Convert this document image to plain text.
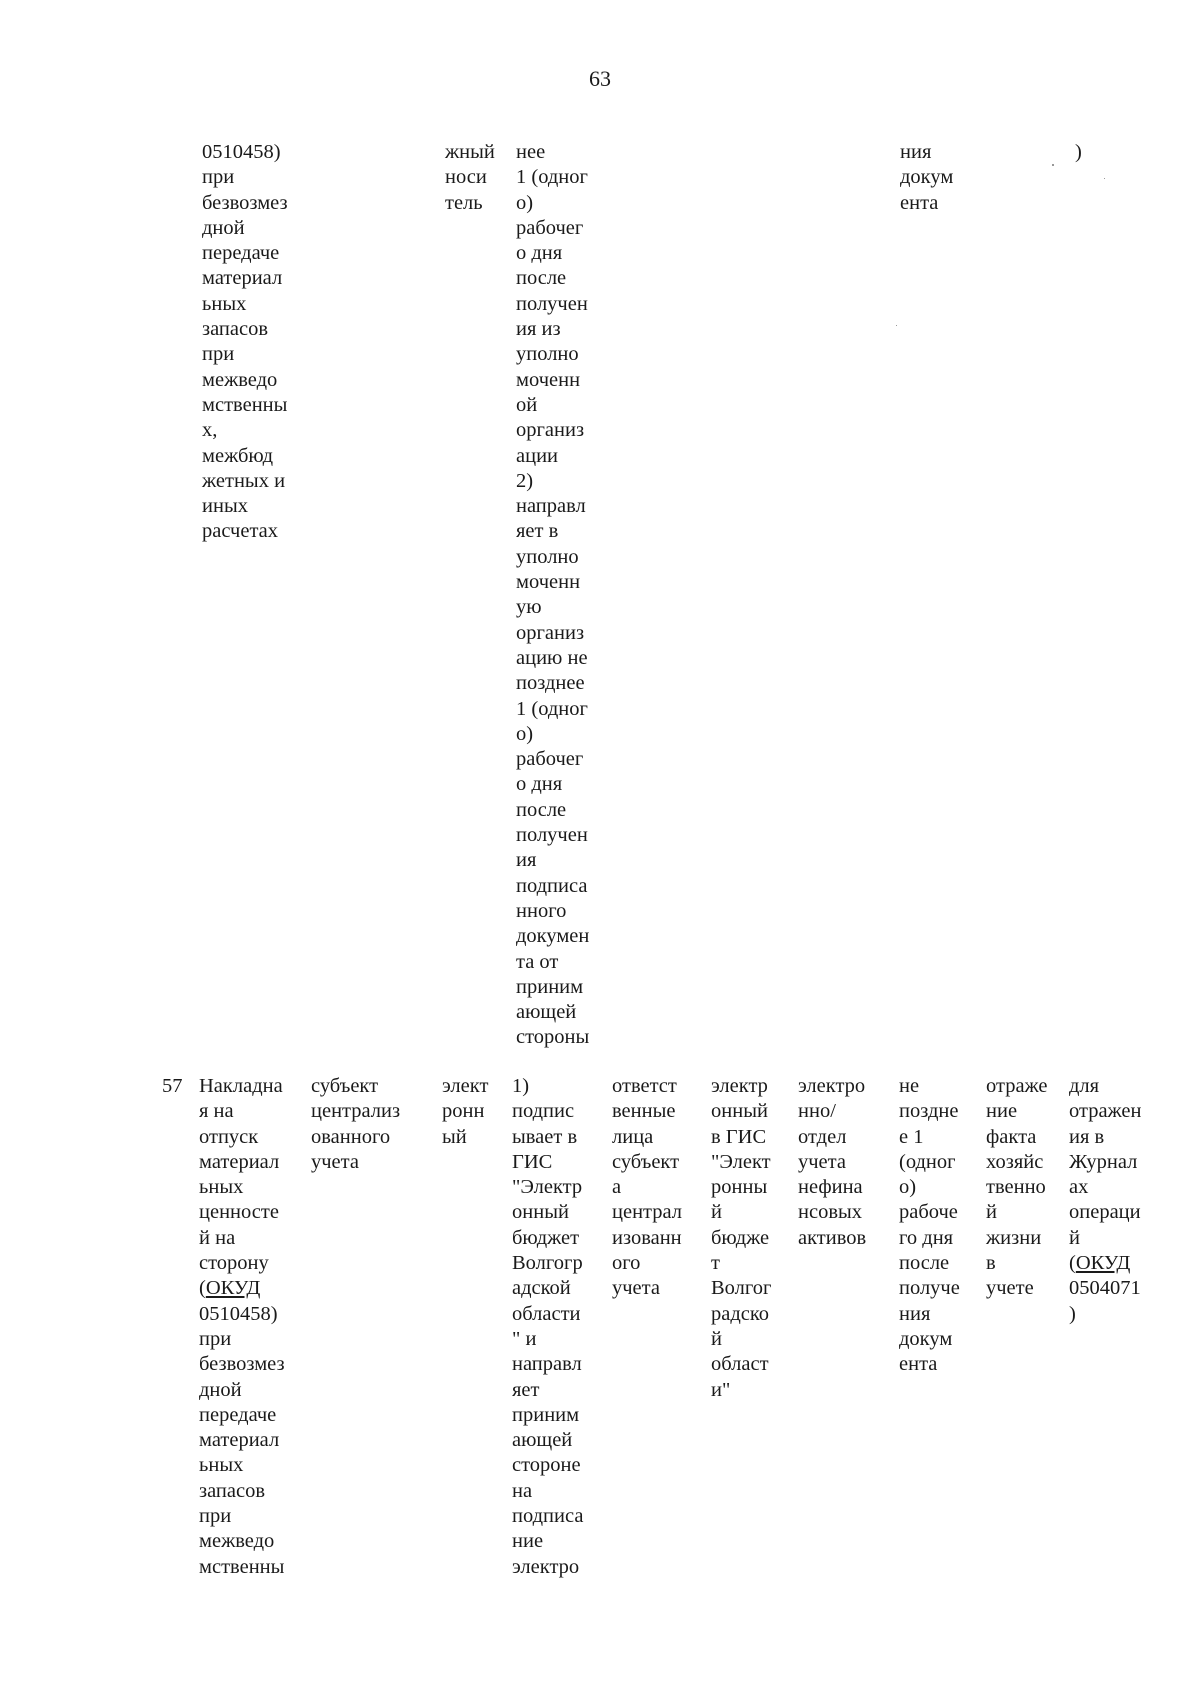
63
0510458)
при
безвозмез
дной
передаче
материал
ьных
запасов
при
межведо
мственны
х,
межбюд
жетных и
иных
расчетах
жный
носи
тель
нее
1 (одног
о)
рабочег
о дня
после
получен
ия из
уполно
моченн
ой
организ
ации
2)
направл
яет в
уполно
моченн
ую
организ
ацию не
позднее
1 (одног
о)
рабочег
о дня
после
получен
ия
подписа
нного
докумен
та от
приним
ающей
стороны
ния
докум
ента
)
57 Накладна
я на
отпуск
материал
ьных
ценносте
й на
сторону
(ОКУД
0510458)
при
безвозмез
дной
передаче
материал
ьных
запасов
при
межведо
мственны
субъект
централиз
ованного
учета
элект
ронн
ый
1)
подпис
ывает в
ГИС
"Электр
онный
бюджет
Волгогр
адской
области
" и
направл
яет
приним
ающей
стороне
на
подписа
ние
электро
ответст
венные
лица
субъект
а
централ
изованн
ого
учета
электр
онный
в ГИС
"Элект
ронны
й
бюдже
т
Волгог
радско
й
област
и"
электро
нно/
отдел
учета
нефина
нсовых
активов
не
поздне
е 1
(одног
о)
рабоче
го дня
после
получе
ния
докум
ента
отраже
ние
факта
хозяйс
твенно
й
жизни
в
учете
для
отражен
ия в
Журнал
ах
операци
й
(ОКУД
0504071
)
